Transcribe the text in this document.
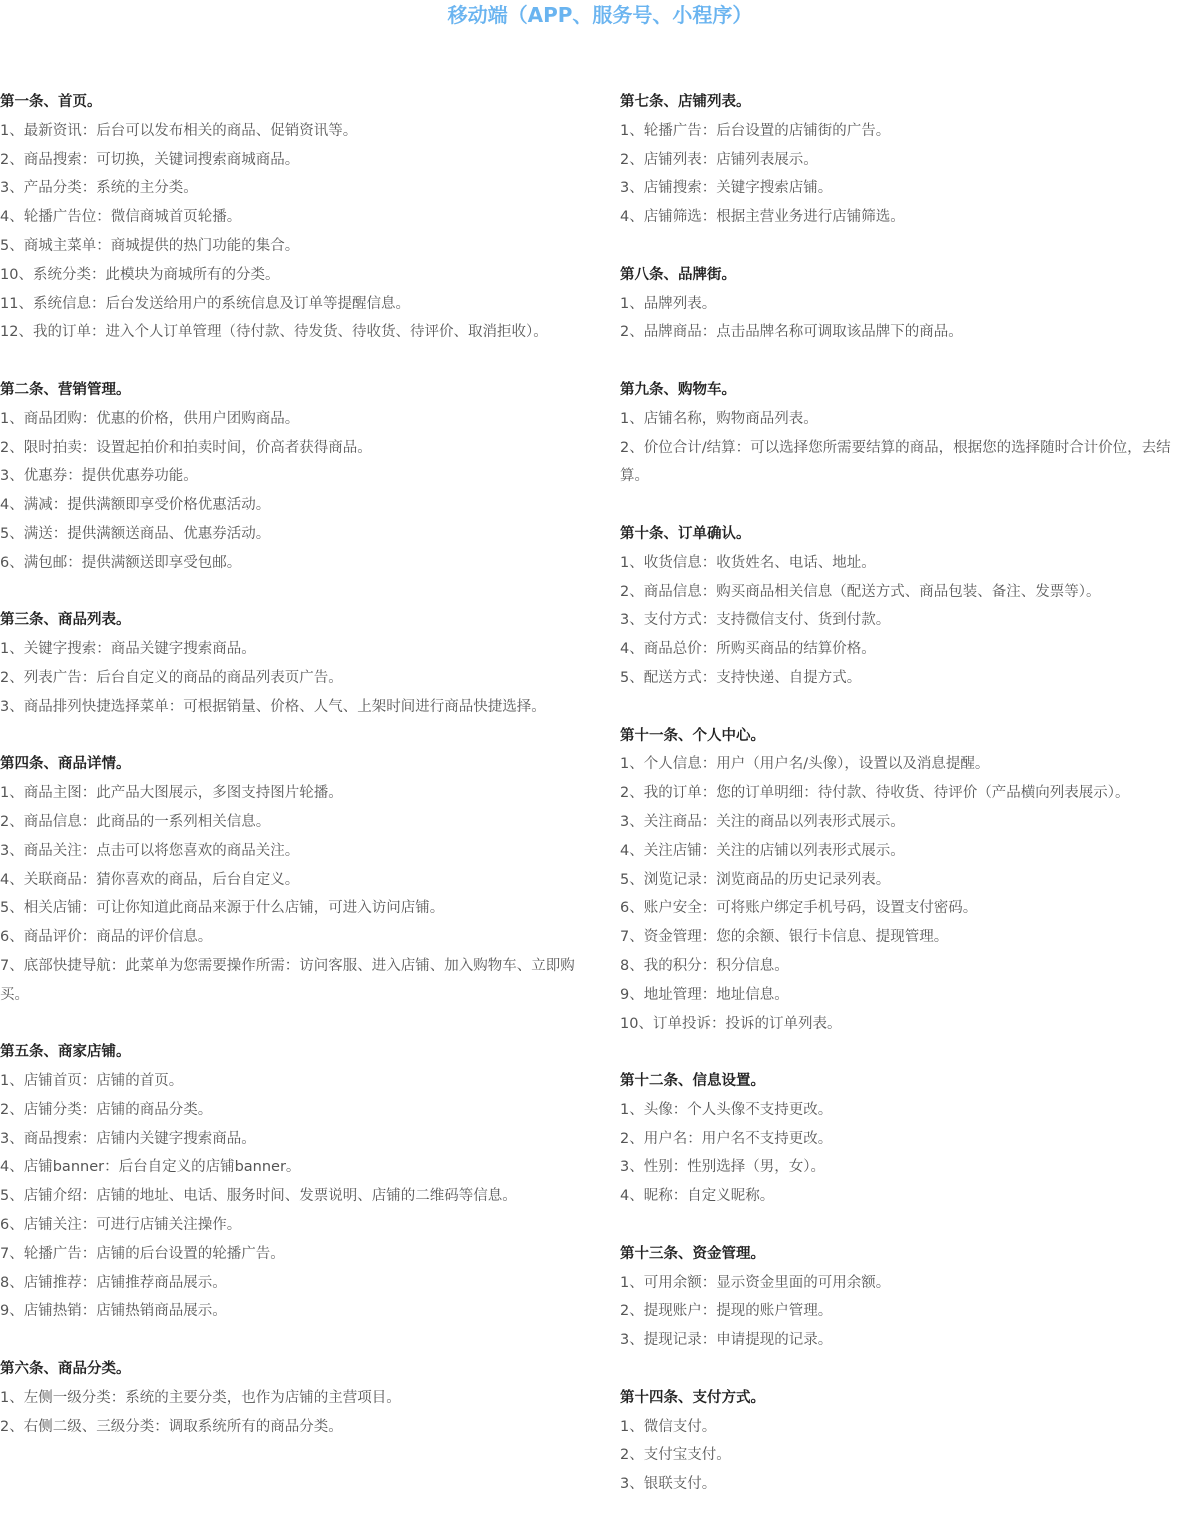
移动端（APP、服务号、小程序）
第一条、首页。

1、最新资讯：后台可以发布相关的商品、促销资讯等。

2、商品搜索：可切换，关键词搜索商城商品。

3、产品分类：系统的主分类。

4、轮播广告位：微信商城首页轮播。

5、商城主菜单：商城提供的热门功能的集合。

10、系统分类：此模块为商城所有的分类。

11、系统信息：后台发送给用户的系统信息及订单等提醒信息。

12、我的订单：进入个人订单管理（待付款、待发货、待收货、待评价、取消拒收）。

第二条、营销管理。

1、商品团购：优惠的价格，供用户团购商品。

2、限时拍卖：设置起拍价和拍卖时间，价高者获得商品。

3、优惠券：提供优惠券功能。

4、满减：提供满额即享受价格优惠活动。

5、满送：提供满额送商品、优惠券活动。

6、满包邮：提供满额送即享受包邮。

第三条、商品列表。

1、关键字搜索：商品关键字搜索商品。

2、列表广告：后台自定义的商品的商品列表页广告。

3、商品排列快捷选择菜单：可根据销量、价格、人气、上架时间进行商品快捷选择。

第四条、商品详情。

1、商品主图：此产品大图展示，多图支持图片轮播。

2、商品信息：此商品的一系列相关信息。

3、商品关注：点击可以将您喜欢的商品关注。

4、关联商品：猜你喜欢的商品，后台自定义。

5、相关店铺：可让你知道此商品来源于什么店铺，可进入访问店铺。

6、商品评价：商品的评价信息。

7、底部快捷导航：此菜单为您需要操作所需：访问客服、进入店铺、加入购物车、立即购买。

第五条、商家店铺。

1、店铺首页：店铺的首页。

2、店铺分类：店铺的商品分类。

3、商品搜索：店铺内关键字搜索商品。

4、店铺banner：后台自定义的店铺banner。

5、店铺介绍：店铺的地址、电话、服务时间、发票说明、店铺的二维码等信息。

6、店铺关注：可进行店铺关注操作。

7、轮播广告：店铺的后台设置的轮播广告。

8、店铺推荐：店铺推荐商品展示。

9、店铺热销：店铺热销商品展示。

第六条、商品分类。

1、左侧一级分类：系统的主要分类，也作为店铺的主营项目。

2、右侧二级、三级分类：调取系统所有的商品分类。

第七条、店铺列表。

1、轮播广告：后台设置的店铺街的广告。

2、店铺列表：店铺列表展示。

3、店铺搜索：关键字搜索店铺。

4、店铺筛选：根据主营业务进行店铺筛选。

第八条、品牌街。

1、品牌列表。

2、品牌商品：点击品牌名称可调取该品牌下的商品。

第九条、购物车。

1、店铺名称，购物商品列表。

2、价位合计/结算：可以选择您所需要结算的商品，根据您的选择随时合计价位，去结算。

第十条、订单确认。

1、收货信息：收货姓名、电话、地址。

2、商品信息：购买商品相关信息（配送方式、商品包装、备注、发票等）。

3、支付方式：支持微信支付、货到付款。

4、商品总价：所购买商品的结算价格。

5、配送方式：支持快递、自提方式。

第十一条、个人中心。

1、个人信息：用户（用户名/头像），设置以及消息提醒。

2、我的订单：您的订单明细：待付款、待收货、待评价（产品横向列表展示）。

3、关注商品：关注的商品以列表形式展示。

4、关注店铺：关注的店铺以列表形式展示。

5、浏览记录：浏览商品的历史记录列表。

6、账户安全：可将账户绑定手机号码，设置支付密码。

7、资金管理：您的余额、银行卡信息、提现管理。

8、我的积分：积分信息。

9、地址管理：地址信息。

10、订单投诉：投诉的订单列表。

第十二条、信息设置。

1、头像：个人头像不支持更改。

2、用户名：用户名不支持更改。

3、性别：性别选择（男，女）。

4、昵称：自定义昵称。

第十三条、资金管理。

1、可用余额：显示资金里面的可用余额。

2、提现账户：提现的账户管理。

3、提现记录：申请提现的记录。

第十四条、支付方式。

1、微信支付。

2、支付宝支付。

3、银联支付。
